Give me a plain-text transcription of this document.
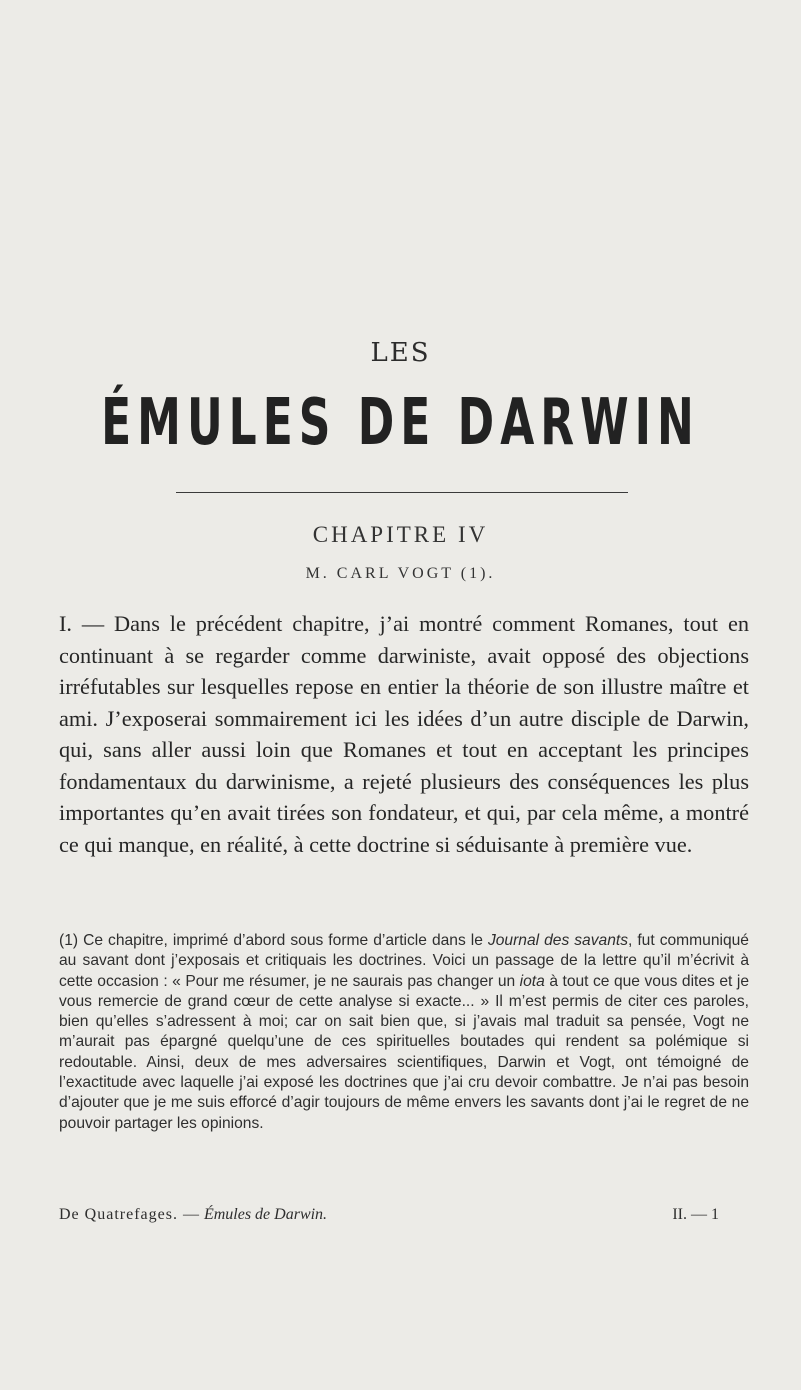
LES
ÉMULES DE DARWIN
CHAPITRE IV
M. CARL VOGT (1).

I. — Dans le précédent chapitre, j’ai montré comment Romanes, tout en continuant à se regarder comme darwiniste, avait opposé des objections irréfutables sur lesquelles repose en entier la théorie de son illustre maître et ami. J’exposerai sommairement ici les idées d’un autre disciple de Darwin, qui, sans aller aussi loin que Romanes et tout en acceptant les principes fondamentaux du darwinisme, a rejeté plusieurs des conséquences les plus importantes qu’en avait tirées son fondateur, et qui, par cela même, a montré ce qui manque, en réalité, à cette doctrine si séduisante à première vue.

(1) Ce chapitre, imprimé d’abord sous forme d’article dans le Journal des savants, fut communiqué au savant dont j’exposais et critiquais les doctrines. Voici un passage de la lettre qu’il m’écrivit à cette occasion : « Pour me résumer, je ne saurais pas changer un iota à tout ce que vous dites et je vous remercie de grand cœur de cette analyse si exacte... » Il m’est permis de citer ces paroles, bien qu’elles s’adressent à moi; car on sait bien que, si j’avais mal traduit sa pensée, Vogt ne m’aurait pas épargné quelqu’une de ces spirituelles boutades qui rendent sa polémique si redoutable. Ainsi, deux de mes adversaires scientifiques, Darwin et Vogt, ont témoigné de l’exactitude avec laquelle j’ai exposé les doctrines que j’ai cru devoir combattre. Je n’ai pas besoin d’ajouter que je me suis efforcé d’agir toujours de même envers les savants dont j’ai le regret de ne pouvoir partager les opinions.

De Quatrefages. — Émules de Darwin.	II. — 1
